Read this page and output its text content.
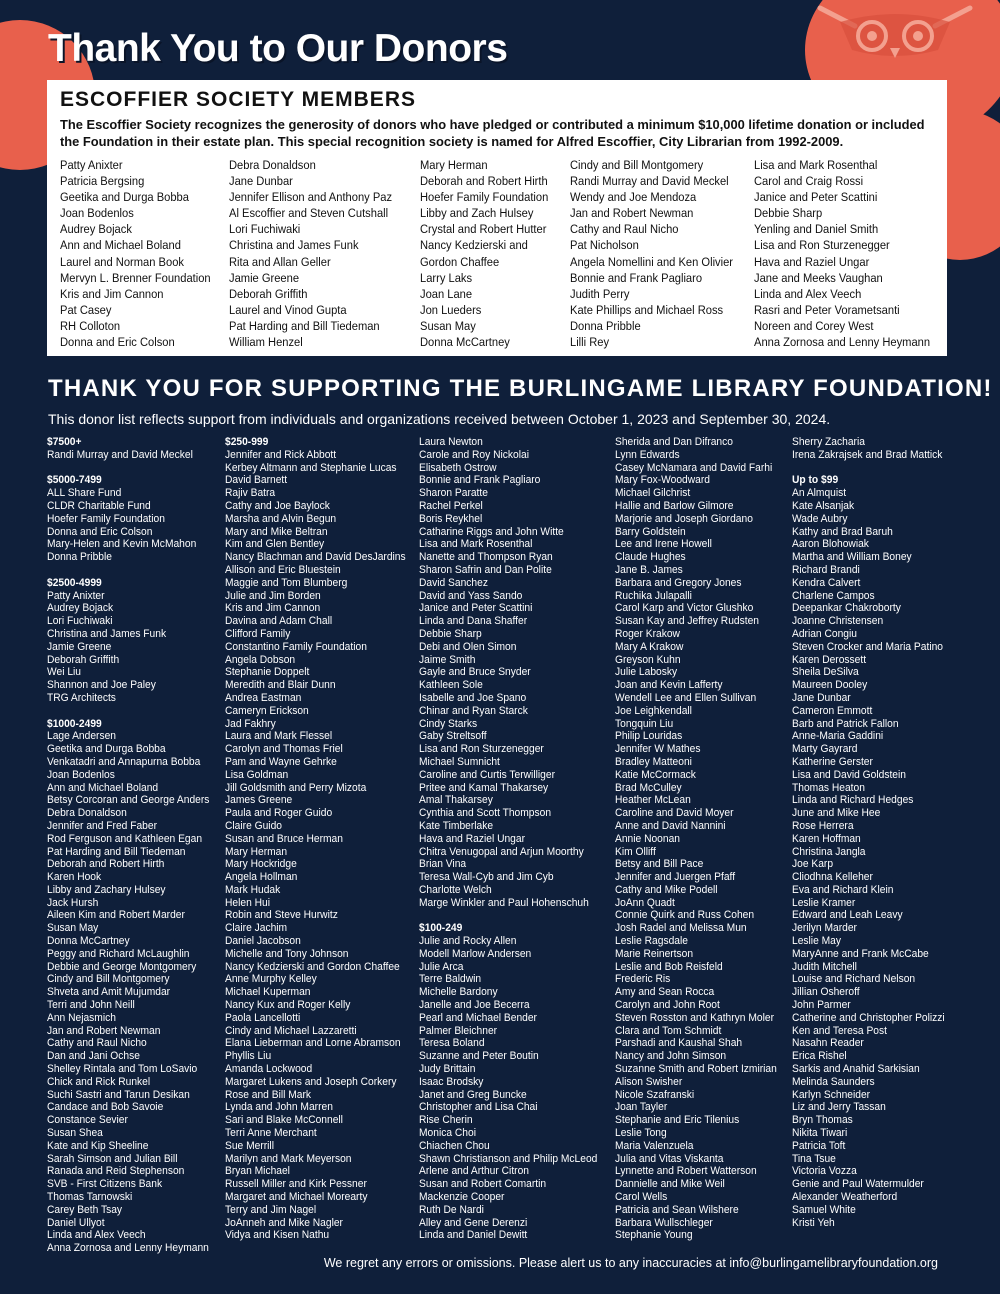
Thank You to Our Donors
ESCOFFIER SOCIETY MEMBERS

The Escoffier Society recognizes the generosity of donors who have pledged or contributed a minimum $10,000 lifetime donation or included the Foundation in their estate plan. This special recognition society is named for Alfred Escoffier, City Librarian from 1992-2009.

Patty Anixter
Patricia Bergsing
Geetika and Durga Bobba
Joan Bodenlos
Audrey Bojack
Ann and Michael Boland
Laurel and Norman Book
Mervyn L. Brenner Foundation
Kris and Jim Cannon
Pat Casey
RH Colloton
Donna and Eric Colson
Debra Donaldson
Jane Dunbar
Jennifer Ellison and Anthony Paz
Al Escoffier and Steven Cutshall
Lori Fuchiwaki
Christina and James Funk
Rita and Allan Geller
Jamie Greene
Deborah Griffith
Laurel and Vinod Gupta
Pat Harding and Bill Tiedeman
William Henzel
Mary Herman
Deborah and Robert Hirth
Hoefer Family Foundation
Libby and Zach Hulsey
Crystal and Robert Hutter
Nancy Kedzierski and
Gordon Chaffee
Larry Laks
Joan Lane
Jon Lueders
Susan May
Donna McCartney
Cindy and Bill Montgomery
Randi Murray and David Meckel
Wendy and Joe Mendoza
Jan and Robert Newman
Cathy and Raul Nicho
Pat Nicholson
Angela Nomellini and Ken Olivier
Bonnie and Frank Pagliaro
Judith Perry
Kate Phillips and Michael Ross
Donna Pribble
Lilli Rey
Lisa and Mark Rosenthal
Carol and Craig Rossi
Janice and Peter Scattini
Debbie Sharp
Yenling and Daniel Smith
Lisa and Ron Sturzenegger
Hava and Raziel Ungar
Jane and Meeks Vaughan
Linda and Alex Veech
Rasri and Peter Vorametsanti
Noreen and Corey West
Anna Zornosa and Lenny Heymann
THANK YOU FOR SUPPORTING THE BURLINGAME LIBRARY FOUNDATION!

This donor list reflects support from individuals and organizations received between October 1, 2023 and September 30, 2024.

$7500+
Randi Murray and David Meckel
$5000-7499
ALL Share Fund
CLDR Charitable Fund
Hoefer Family Foundation
Donna and Eric Colson
Mary-Helen and Kevin McMahon
Donna Pribble
$2500-4999
Patty Anixter
Audrey Bojack
Lori Fuchiwaki
Christina and James Funk
Jamie Greene
Deborah Griffith
Wei Liu
Shannon and Joe Paley
TRG Architects
$1000-2499
Lage Andersen
Geetika and Durga Bobba
Venkatadri and Annapurna Bobba
Joan Bodenlos
Ann and Michael Boland
Betsy Corcoran and George Anders
Debra Donaldson
Jennifer and Fred Faber
Rod Ferguson and Kathleen Egan
Pat Harding and Bill Tiedeman
Deborah and Robert Hirth
Karen Hook
Libby and Zachary Hulsey
Jack Hursh
Aileen Kim and Robert Marder
Susan May
Donna McCartney
Peggy and Richard McLaughlin
Debbie and George Montgomery
Cindy and Bill Montgomery
Shveta and Amit Mujumdar
Terri and John Neill
Ann Nejasmich
Jan and Robert Newman
Cathy and Raul Nicho
Dan and Jani Ochse
Shelley Rintala and Tom LoSavio
Chick and Rick Runkel
Suchi Sastri and Tarun Desikan
Candace and Bob Savoie
Constance Sevier
Susan Shea
Kate and Kip Sheeline
Sarah Simson and Julian Bill
Ranada and Reid Stephenson
SVB - First Citizens Bank
Thomas Tarnowski
Carey Beth Tsay
Daniel Ullyot
Linda and Alex Veech
Anna Zornosa and Lenny Heymann
$250-999
Jennifer and Rick Abbott
Kerbey Altmann and Stephanie Lucas
David Barnett
Rajiv Batra
Cathy and Joe Baylock
Marsha and Alvin Begun
Mary and Mike Beltran
Kim and Glen Bentley
Nancy Blachman and David DesJardins
Allison and Eric Bluestein
Maggie and Tom Blumberg
Julie and Jim Borden
Kris and Jim Cannon
Davina and Adam Chall
Clifford Family
Constantino Family Foundation
Angela Dobson
Stephanie Doppelt
Meredith and Blair Dunn
Andrea Eastman
Cameryn Erickson
Jad Fakhry
Laura and Mark Flessel
Carolyn and Thomas Friel
Pam and Wayne Gehrke
Lisa Goldman
Jill Goldsmith and Perry Mizota
James Greene
Paula and Roger Guido
Claire Guido
Susan and Bruce Herman
Mary Herman
Mary Hockridge
Angela Hollman
Mark Hudak
Helen Hui
Robin and Steve Hurwitz
Claire Jachim
Daniel Jacobson
Michelle and Tony Johnson
Nancy Kedzierski and Gordon Chaffee
Anne Murphy Kelley
Michael Kuperman
Nancy Kux and Roger Kelly
Paola Lancellotti
Cindy and Michael Lazzaretti
Elana Lieberman and Lorne Abramson
Phyllis Liu
Amanda Lockwood
Margaret Lukens and Joseph Corkery
Rose and Bill Mark
Lynda and John Marren
Sari and Blake McConnell
Terri Anne Merchant
Sue Merrill
Marilyn and Mark Meyerson
Bryan Michael
Russell Miller and Kirk Pessner
Margaret and Michael Morearty
Terry and Jim Nagel
JoAnneh and Mike Nagler
Vidya and Kisen Nathu
Laura Newton
Carole and Roy Nickolai
Elisabeth Ostrow
Bonnie and Frank Pagliaro
Sharon Paratte
Rachel Perkel
Boris Reykhel
Catharine Riggs and John Witte
Lisa and Mark Rosenthal
Nanette and Thompson Ryan
Sharon Safrin and Dan Polite
David Sanchez
David and Yass Sando
Janice and Peter Scattini
Linda and Dana Shaffer
Debbie Sharp
Debi and Olen Simon
Jaime Smith
Gayle and Bruce Snyder
Kathleen Sole
Isabelle and Joe Spano
Chinar and Ryan Starck
Cindy Starks
Gaby Streltsoff
Lisa and Ron Sturzenegger
Michael Sumnicht
Caroline and Curtis Terwilliger
Pritee and Kamal Thakarsey
Amal Thakarsey
Cynthia and Scott Thompson
Kate Timberlake
Hava and Raziel Ungar
Chitra Venugopal and Arjun Moorthy
Brian Vina
Teresa Wall-Cyb and Jim Cyb
Charlotte Welch
Marge Winkler and Paul Hohenschuh
$100-249
Julie and Rocky Allen
Modell Marlow Andersen
Julie Arca
Terre Baldwin
Michelle Bardony
Janelle and Joe Becerra
Pearl and Michael Bender
Palmer Bleichner
Teresa Boland
Suzanne and Peter Boutin
Judy Brittain
Isaac Brodsky
Janet and Greg Buncke
Christopher and Lisa Chai
Rise Cherin
Monica Choi
Chiachen Chou
Shawn Christianson and Philip McLeod
Arlene and Arthur Citron
Susan and Robert Comartin
Mackenzie Cooper
Ruth De Nardi
Alley and Gene Derenzi
Linda and Daniel Dewitt
Sherida and Dan Difranco
Lynn Edwards
Casey McNamara and David Farhi
Mary Fox-Woodward
Michael Gilchrist
Hallie and Barlow Gilmore
Marjorie and Joseph Giordano
Barry Goldstein
Lee and Irene Howell
Claude Hughes
Jane B. James
Barbara and Gregory Jones
Ruchika Julapalli
Carol Karp and Victor Glushko
Susan Kay and Jeffrey Rudsten
Roger Krakow
Mary A Krakow
Greyson Kuhn
Julie Labosky
Joan and Kevin Lafferty
Wendell Lee and Ellen Sullivan
Joe Leighkendall
Tongquin Liu
Philip Louridas
Jennifer W Mathes
Bradley Matteoni
Katie McCormack
Brad McCulley
Heather McLean
Caroline and David Moyer
Anne and David Nannini
Annie Noonan
Kim Olliff
Betsy and Bill Pace
Jennifer and Juergen Pfaff
Cathy and Mike Podell
JoAnn Quadt
Connie Quirk and Russ Cohen
Josh Radel and Melissa Mun
Leslie Ragsdale
Marie Reinertson
Leslie and Bob Reisfeld
Frederic Ris
Amy and Sean Rocca
Carolyn and John Root
Steven Rosston and Kathryn Moler
Clara and Tom Schmidt
Parshadi and Kaushal Shah
Nancy and John Simson
Suzanne Smith and Robert Izmirian
Alison Swisher
Nicole Szafranski
Joan Tayler
Stephanie and Eric Tilenius
Leslie Tong
Maria Valenzuela
Julia and Vitas Viskanta
Lynnette and Robert Watterson
Dannielle and Mike Weil
Carol Wells
Patricia and Sean Wilshere
Barbara Wullschleger
Stephanie Young
Sherry Zacharia
Irena Zakrajsek and Brad Mattick
Up to $99
An Almquist
Kate Alsanjak
Wade Aubry
Kathy and Brad Baruh
Aaron Blohowiak
Martha and William Boney
Richard Brandi
Kendra Calvert
Charlene Campos
Deepankar Chakroborty
Joanne Christensen
Adrian Congiu
Steven Crocker and Maria Patino
Karen Derossett
Sheila DeSilva
Maureen Dooley
Jane Dunbar
Cameron Emmott
Barb and Patrick Fallon
Anne-Maria Gaddini
Marty Gayrard
Katherine Gerster
Lisa and David Goldstein
Thomas Heaton
Linda and Richard Hedges
June and Mike Hee
Rose Herrera
Karen Hoffman
Christina Jangla
Joe Karp
Cliodhna Kelleher
Eva and Richard Klein
Leslie Kramer
Edward and Leah Leavy
Jerilyn Marder
Leslie May
MaryAnne and Frank McCabe
Judith Mitchell
Louise and Richard Nelson
Jillian Osheroff
John Parmer
Catherine and Christopher Polizzi
Ken and Teresa Post
Nasahn Reader
Erica Rishel
Sarkis and Anahid Sarkisian
Melinda Saunders
Karlyn Schneider
Liz and Jerry Tassan
Bryn Thomas
Nikita Tiwari
Patricia Toft
Tina Tsue
Victoria Vozza
Genie and Paul Watermulder
Alexander Weatherford
Samuel White
Kristi Yeh

We regret any errors or omissions. Please alert us to any inaccuracies at info@burlingamelibraryfoundation.org
